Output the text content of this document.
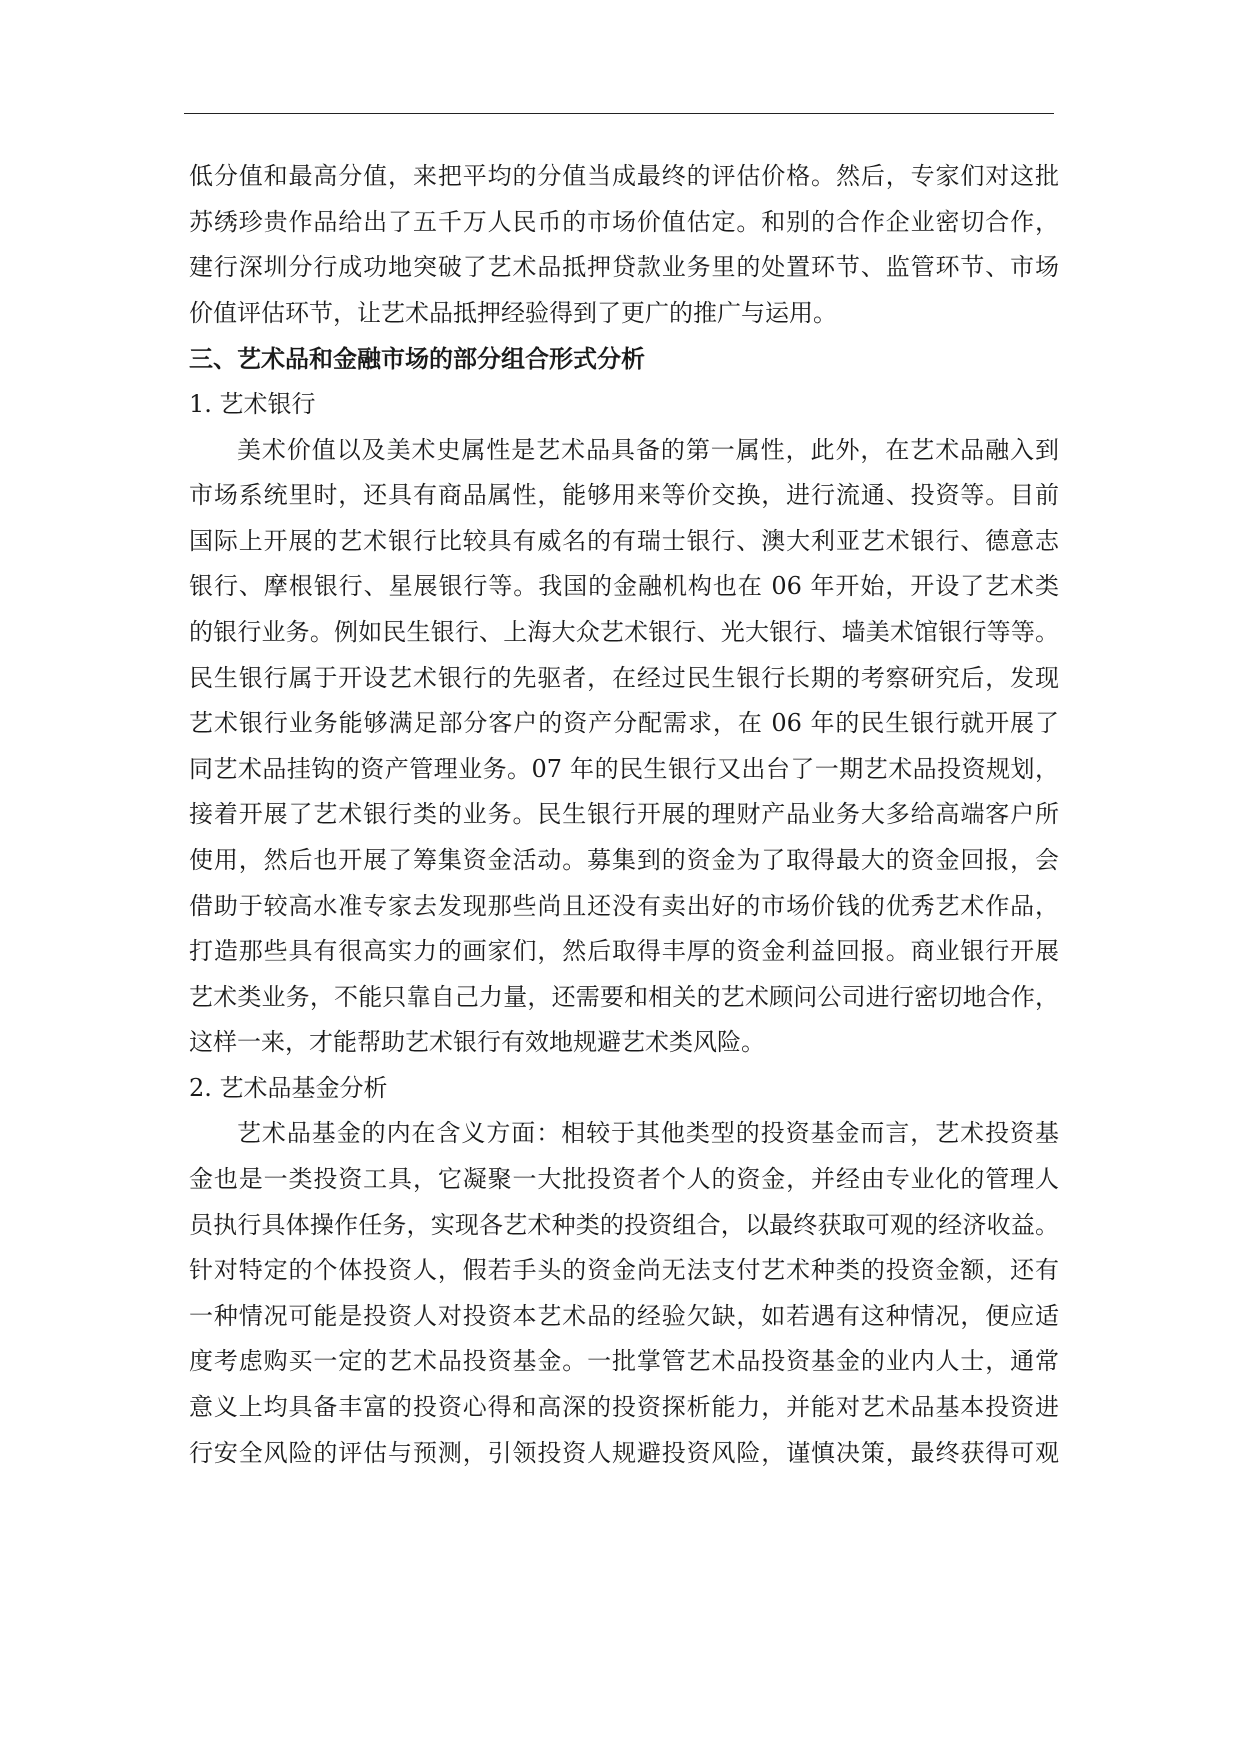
低分值和最高分值，来把平均的分值当成最终的评估价格。然后，专家们对这批
苏绣珍贵作品给出了五千万人民币的市场价值估定。和别的合作企业密切合作，
建行深圳分行成功地突破了艺术品抵押贷款业务里的处置环节、监管环节、市场
价值评估环节，让艺术品抵押经验得到了更广的推广与运用。
三、艺术品和金融市场的部分组合形式分析
1. 艺术银行
美术价值以及美术史属性是艺术品具备的第一属性，此外，在艺术品融入到
市场系统里时，还具有商品属性，能够用来等价交换，进行流通、投资等。目前
国际上开展的艺术银行比较具有威名的有瑞士银行、澳大利亚艺术银行、德意志
银行、摩根银行、星展银行等。我国的金融机构也在 06 年开始，开设了艺术类
的银行业务。例如民生银行、上海大众艺术银行、光大银行、墙美术馆银行等等。
民生银行属于开设艺术银行的先驱者，在经过民生银行长期的考察研究后，发现
艺术银行业务能够满足部分客户的资产分配需求，在 06 年的民生银行就开展了
同艺术品挂钩的资产管理业务。07 年的民生银行又出台了一期艺术品投资规划，
接着开展了艺术银行类的业务。民生银行开展的理财产品业务大多给高端客户所
使用，然后也开展了筹集资金活动。募集到的资金为了取得最大的资金回报，会
借助于较高水准专家去发现那些尚且还没有卖出好的市场价钱的优秀艺术作品，
打造那些具有很高实力的画家们，然后取得丰厚的资金利益回报。商业银行开展
艺术类业务，不能只靠自己力量，还需要和相关的艺术顾问公司进行密切地合作，
这样一来，才能帮助艺术银行有效地规避艺术类风险。
2. 艺术品基金分析
艺术品基金的内在含义方面：相较于其他类型的投资基金而言，艺术投资基
金也是一类投资工具，它凝聚一大批投资者个人的资金，并经由专业化的管理人
员执行具体操作任务，实现各艺术种类的投资组合，以最终获取可观的经济收益。
针对特定的个体投资人，假若手头的资金尚无法支付艺术种类的投资金额，还有
一种情况可能是投资人对投资本艺术品的经验欠缺，如若遇有这种情况，便应适
度考虑购买一定的艺术品投资基金。一批掌管艺术品投资基金的业内人士，通常
意义上均具备丰富的投资心得和高深的投资探析能力，并能对艺术品基本投资进
行安全风险的评估与预测，引领投资人规避投资风险，谨慎决策，最终获得可观
